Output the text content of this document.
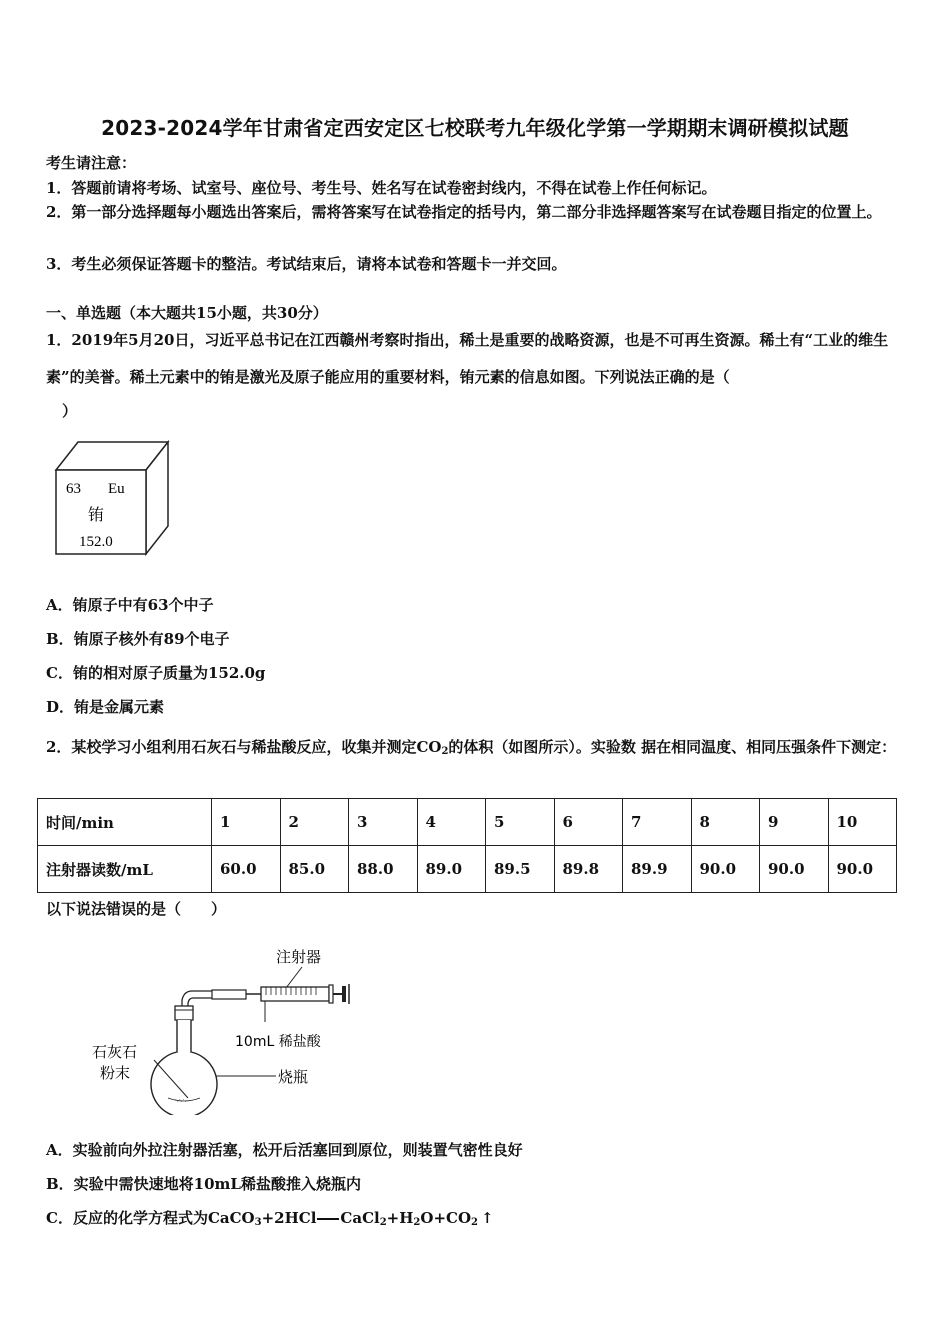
2023-2024学年甘肃省定西安定区七校联考九年级化学第一学期期末调研模拟试题
考生请注意：
1．答题前请将考场、试室号、座位号、考生号、姓名写在试卷密封线内，不得在试卷上作任何标记。
2．第一部分选择题每小题选出答案后，需将答案写在试卷指定的括号内，第二部分非选择题答案写在试卷题目指定的位置上。
3．考生必须保证答题卡的整洁。考试结束后，请将本试卷和答题卡一并交回。
一、单选题（本大题共15小题，共30分）
1．2019年5月20日，习近平总书记在江西赣州考察时指出，稀土是重要的战略资源，也是不可再生资源。稀土有“工业的维生素”的美誉。稀土元素中的铕是激光及原子能应用的重要材料，铕元素的信息如图。下列说法正确的是（
）
63 Eu
铕
152.0
A．铕原子中有63个中子
B．铕原子核外有89个电子
C．铕的相对原子质量为152.0g
D．铕是金属元素
2．某校学习小组利用石灰石与稀盐酸反应，收集并测定$CO_2$的体积（如图所示）。实验数 据在相同温度、相同压强条件下测定：
时间/min	1	2	3	4	5	6	7	8	9	10
注射器读数/mL	60.0	85.0	88.0	89.0	89.5	89.8	89.9	90.0	90.0	90.0
以下说法错误的是（　　）
注射器
10mL 稀盐酸
·.·.·.
石灰石
粉末	烧瓶
A．实验前向外拉注射器活塞，松开后活塞回到原位，则装置气密性良好
B．实验中需快速地将10mL稀盐酸推入烧瓶内
C．反应的化学方程式为CaCO$_3$+2HCl $CaCl_2+H_2O+CO_2$ ↑
